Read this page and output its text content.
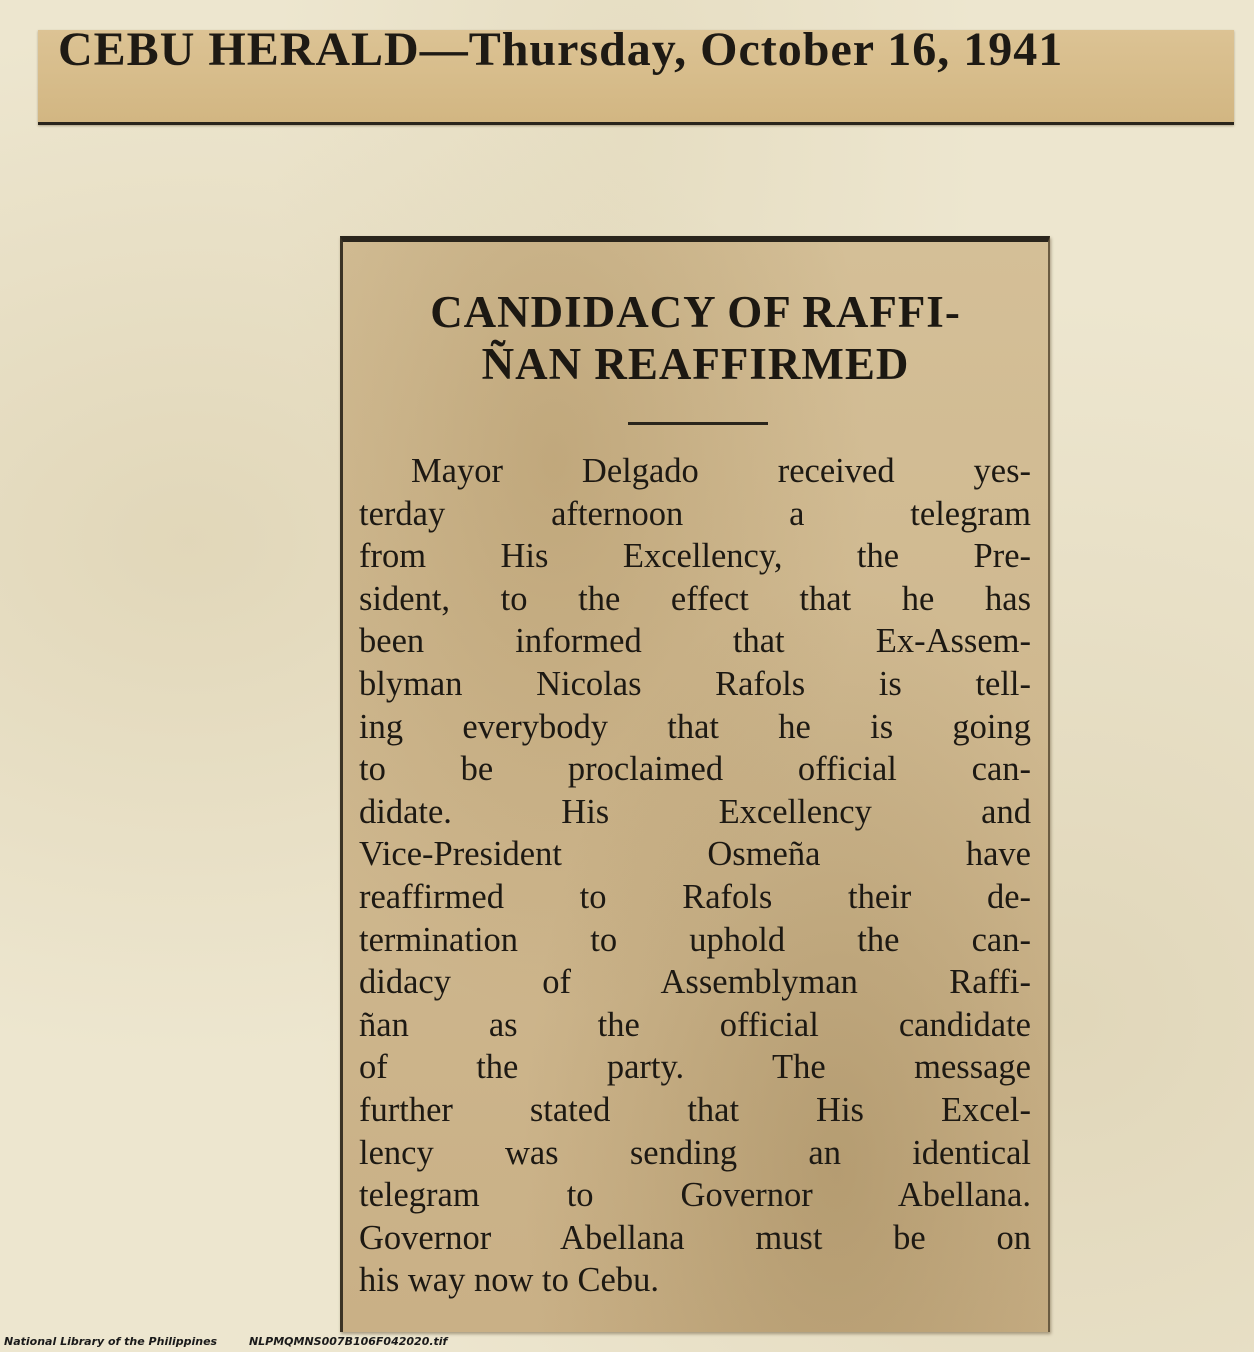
CEBU HERALD—Thursday, October 16, 1941
CANDIDACY OF RAFFI-
ÑAN REAFFIRMED
Mayor Delgado received yes-
terday afternoon a telegram
from His Excellency, the Pre-
sident, to the effect that he has
been informed that Ex-Assem-
blyman Nicolas Rafols is tell-
ing everybody that he is going
to be proclaimed official can-
didate. His Excellency and
Vice-President Osmeña have
reaffirmed to Rafols their de-
termination to uphold the can-
didacy of Assemblyman Raffi-
ñan as the official candidate
of the party. The message
further stated that His Excel-
lency was sending an identical
telegram to Governor Abellana.
Governor Abellana must be on
his way now to Cebu.
National Library of the Philippines	NLPMQMNS007B106F042020.tif
